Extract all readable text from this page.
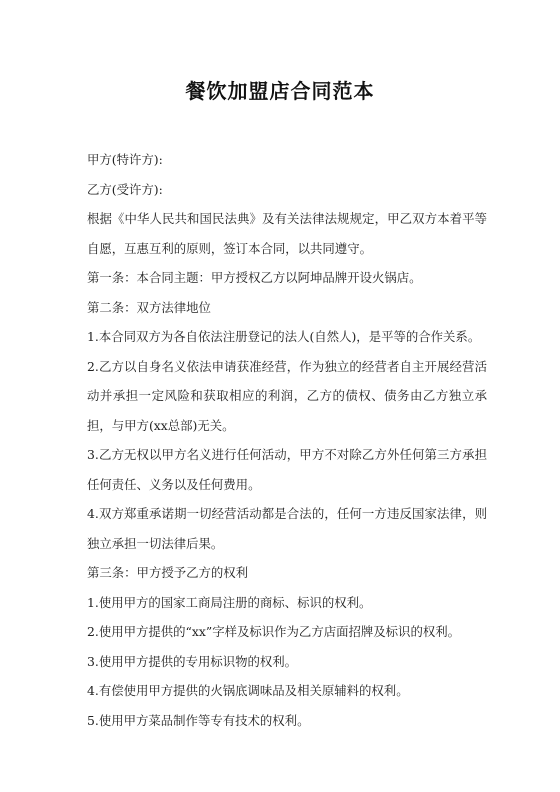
餐饮加盟店合同范本

甲方(特许方):

乙方(受许方):

根据《中华人民共和国民法典》及有关法律法规规定，甲乙双方本着平等自愿，互惠互利的原则，签订本合同，以共同遵守。

第一条：本合同主题：甲方授权乙方以阿坤品牌开设火锅店。

第二条：双方法律地位

1.本合同双方为各自依法注册登记的法人(自然人)，是平等的合作关系。

2.乙方以自身名义依法申请获准经营，作为独立的经营者自主开展经营活动并承担一定风险和获取相应的利润，乙方的债权、债务由乙方独立承担，与甲方(xx总部)无关。

3.乙方无权以甲方名义进行任何活动，甲方不对除乙方外任何第三方承担任何责任、义务以及任何费用。

4.双方郑重承诺期一切经营活动都是合法的，任何一方违反国家法律，则独立承担一切法律后果。

第三条：甲方授予乙方的权利

1.使用甲方的国家工商局注册的商标、标识的权利。

2.使用甲方提供的“xx”字样及标识作为乙方店面招牌及标识的权利。

3.使用甲方提供的专用标识物的权利。

4.有偿使用甲方提供的火锅底调味品及相关原辅料的权利。

5.使用甲方菜品制作等专有技术的权利。
